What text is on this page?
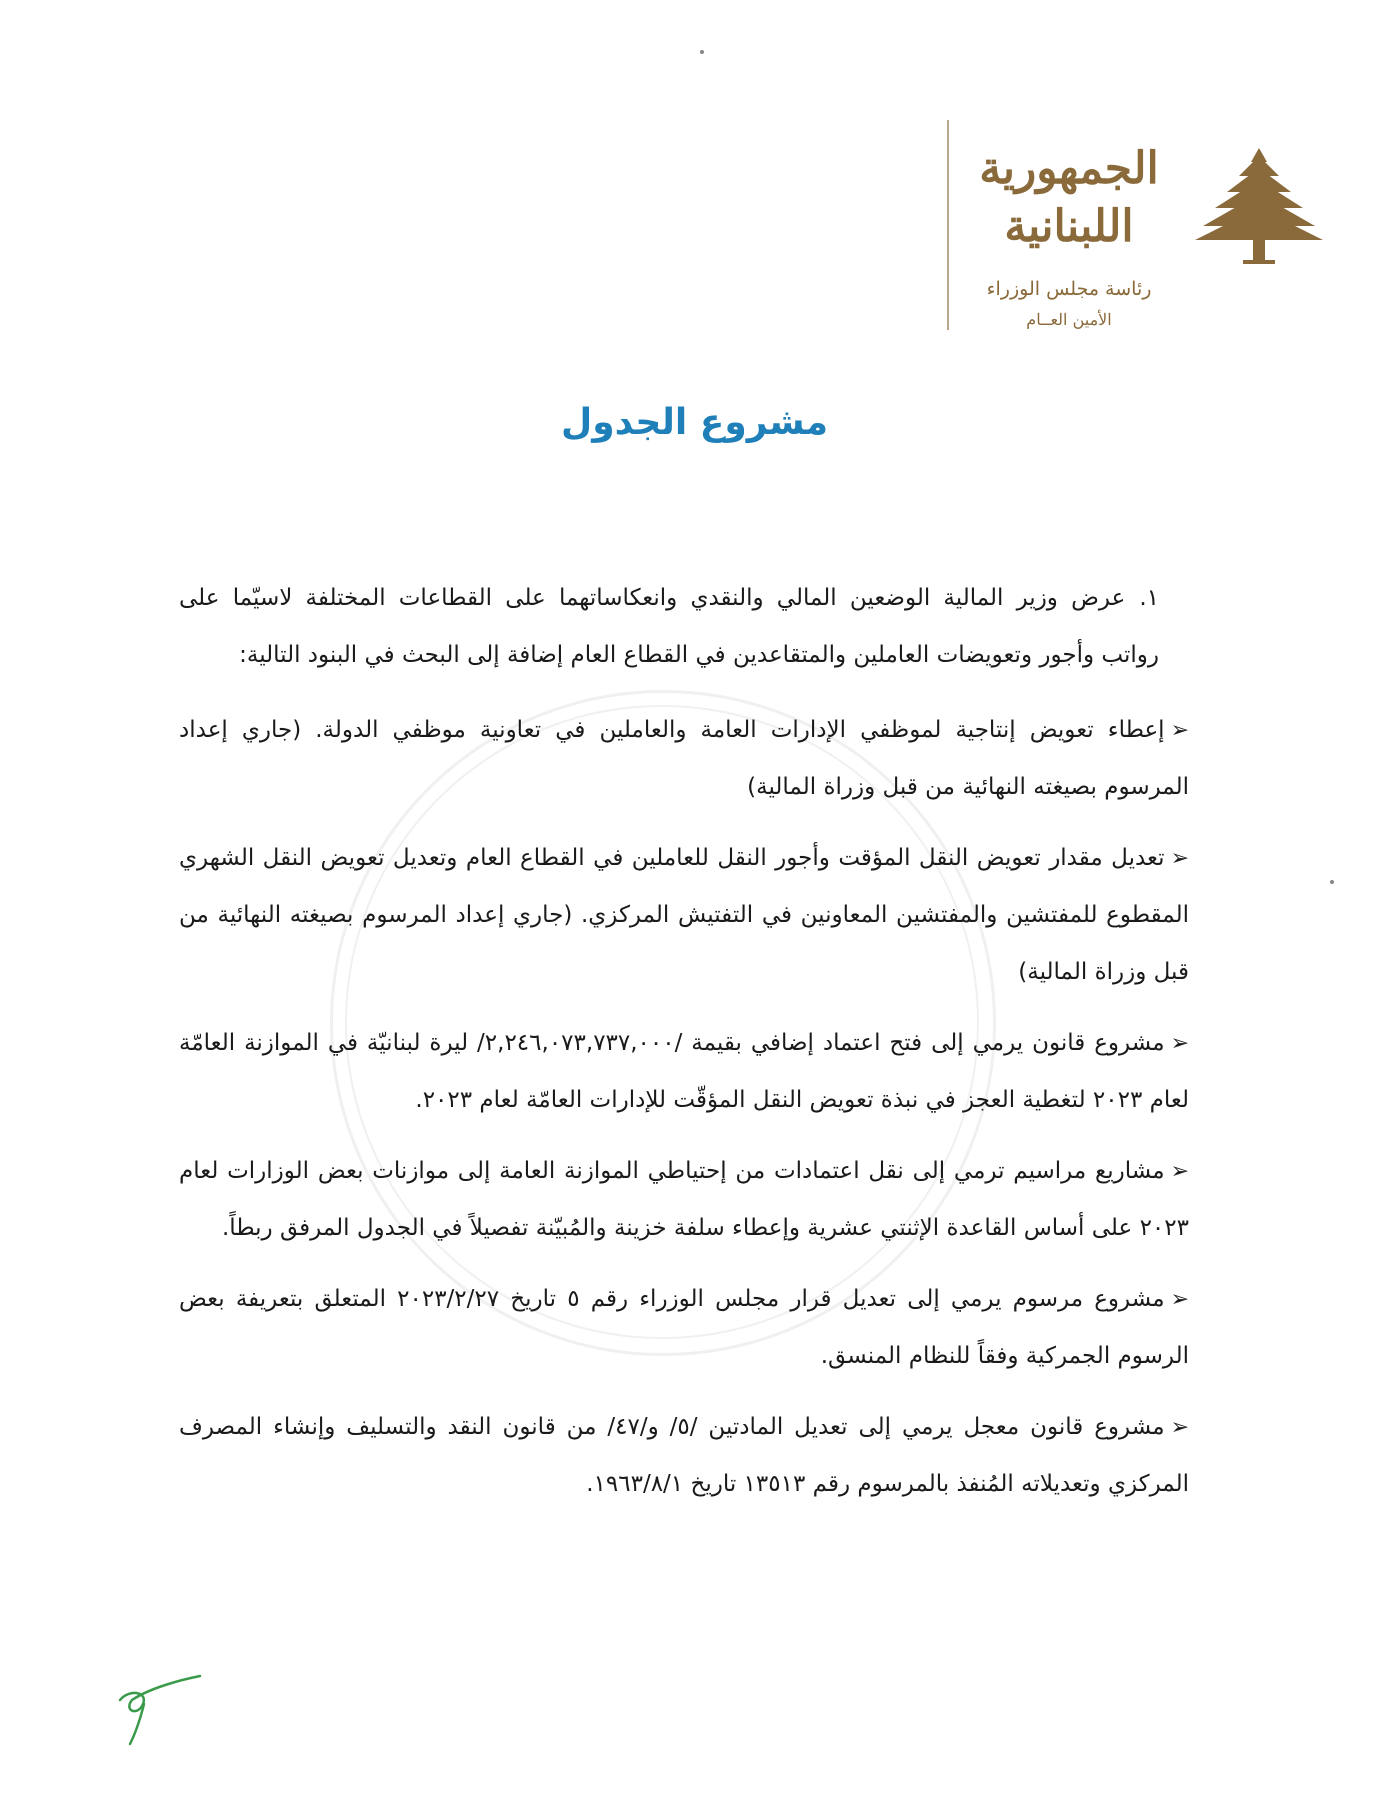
الجمهورية
اللبنانية
رئاسة مجلس الوزراء
الأمين العــام
مشروع الجدول

١.عرض وزير المالية الوضعين المالي والنقدي وانعكاساتهما على القطاعات المختلفة لاسيّما على رواتب وأجور وتعويضات العاملين والمتقاعدين في القطاع العام إضافة إلى البحث في البنود التالية:

➢إعطاء تعويض إنتاجية لموظفي الإدارات العامة والعاملين في تعاونية موظفي الدولة. (جاري إعداد المرسوم بصيغته النهائية من قبل وزراة المالية)
➢تعديل مقدار تعويض النقل المؤقت وأجور النقل للعاملين في القطاع العام وتعديل تعويض النقل الشهري المقطوع للمفتشين والمفتشين المعاونين في التفتيش المركزي. (جاري إعداد المرسوم بصيغته النهائية من قبل وزراة المالية)
➢مشروع قانون يرمي إلى فتح اعتماد إضافي بقيمة /٢,٢٤٦,٠٧٣,٧٣٧,٠٠٠/ ليرة لبنانيّة في الموازنة العامّة لعام ٢٠٢٣ لتغطية العجز في نبذة تعويض النقل المؤقّت للإدارات العامّة لعام ٢٠٢٣.
➢مشاريع مراسيم ترمي إلى نقل اعتمادات من إحتياطي الموازنة العامة إلى موازنات بعض الوزارات لعام ٢٠٢٣ على أساس القاعدة الإثنتي عشرية وإعطاء سلفة خزينة والمُبيّنة تفصيلاً في الجدول المرفق ربطاً.
➢مشروع مرسوم يرمي إلى تعديل قرار مجلس الوزراء رقم ٥ تاريخ ٢٠٢٣/٢/٢٧ المتعلق بتعريفة بعض الرسوم الجمركية وفقاً للنظام المنسق.
➢مشروع قانون معجل يرمي إلى تعديل المادتين /٥/ و/٤٧/ من قانون النقد والتسليف وإنشاء المصرف المركزي وتعديلاته المُنفذ بالمرسوم رقم ١٣٥١٣ تاريخ ١٩٦٣/٨/١.
